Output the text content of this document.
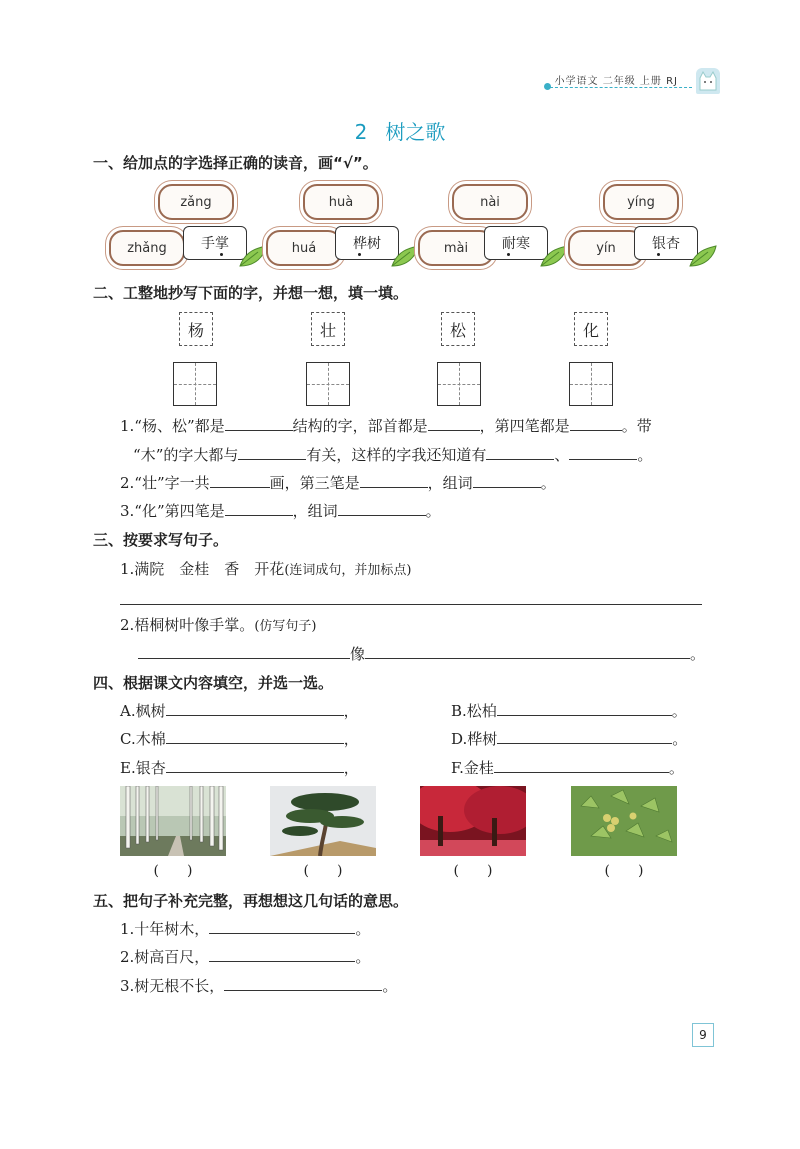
小学语文 二年级 上册 RJ
2 树之歌
一、给加点的字选择正确的读音，画“√”。
zǎng
zhǎng	手掌
huà
huá	桦树
nài
mài	耐寒
yíng
yín	银杏
二、工整地抄写下面的字，并想一想，填一填。
杨	壮	松	化
1.“杨、松”都是	结构的字，部首都是	，第四笔都是	。带
“木”的字大都与	有关，这样的字我还知道有	、	。
2.“壮”字一共	画，第三笔是	，组词	。
3.“化”第四笔是	，组词	。
三、按要求写句子。
1.满院　金桂　香　开花(连词成句，并加标点)
2.梧桐树叶像手掌。(仿写句子)
像	。
四、根据课文内容填空，并选一选。
A.枫树	，	B.松柏	。
C.木棉	，	D.桦树	。
E.银杏	，	F.金桂	。
(　　)	(　　)	(　　)	(　　)
五、把句子补充完整，再想想这几句话的意思。
1.十年树木，	。
2.树高百尺，	。
3.树无根不长，	。
9
